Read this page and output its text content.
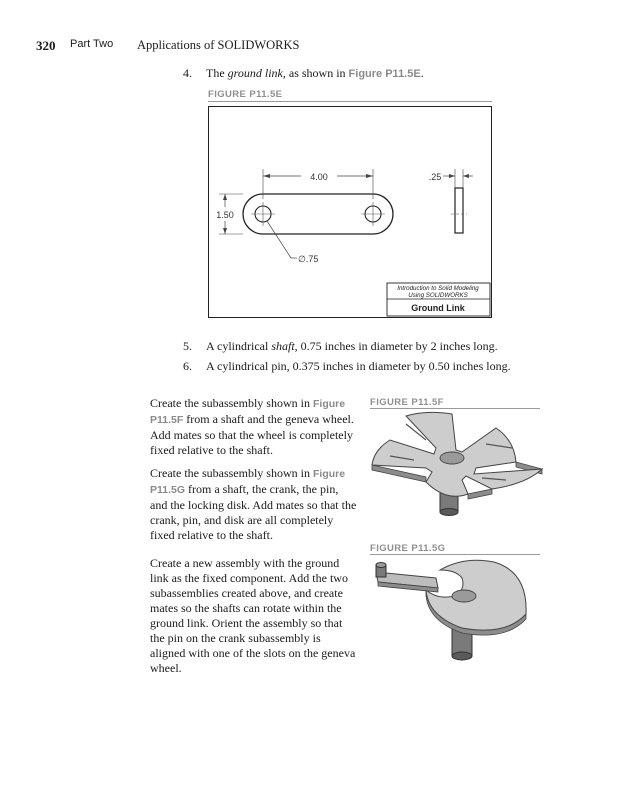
320 Part Two Applications of SOLIDWORKS
4. The ground link, as shown in Figure P11.5E.
FIGURE P11.5E
4.00
1.50
∅.75
.25
Introduction to Solid Modeling
Using SOLIDWORKS
Ground Link
5. A cylindrical shaft, 0.75 inches in diameter by 2 inches long.
6. A cylindrical pin, 0.375 inches in diameter by 0.50 inches long.
Create the subassembly shown in Figure P11.5F from a shaft and the geneva wheel. Add mates so that the wheel is completely fixed relative to the shaft.
Create the subassembly shown in Figure P11.5G from a shaft, the crank, the pin, and the locking disk. Add mates so that the crank, pin, and disk are all completely fixed relative to the shaft.
Create a new assembly with the ground link as the fixed component. Add the two subassemblies created above, and create mates so the shafts can rotate within the ground link. Orient the assembly so that the pin on the crank subassembly is aligned with one of the slots on the geneva wheel.
FIGURE P11.5F
FIGURE P11.5G
